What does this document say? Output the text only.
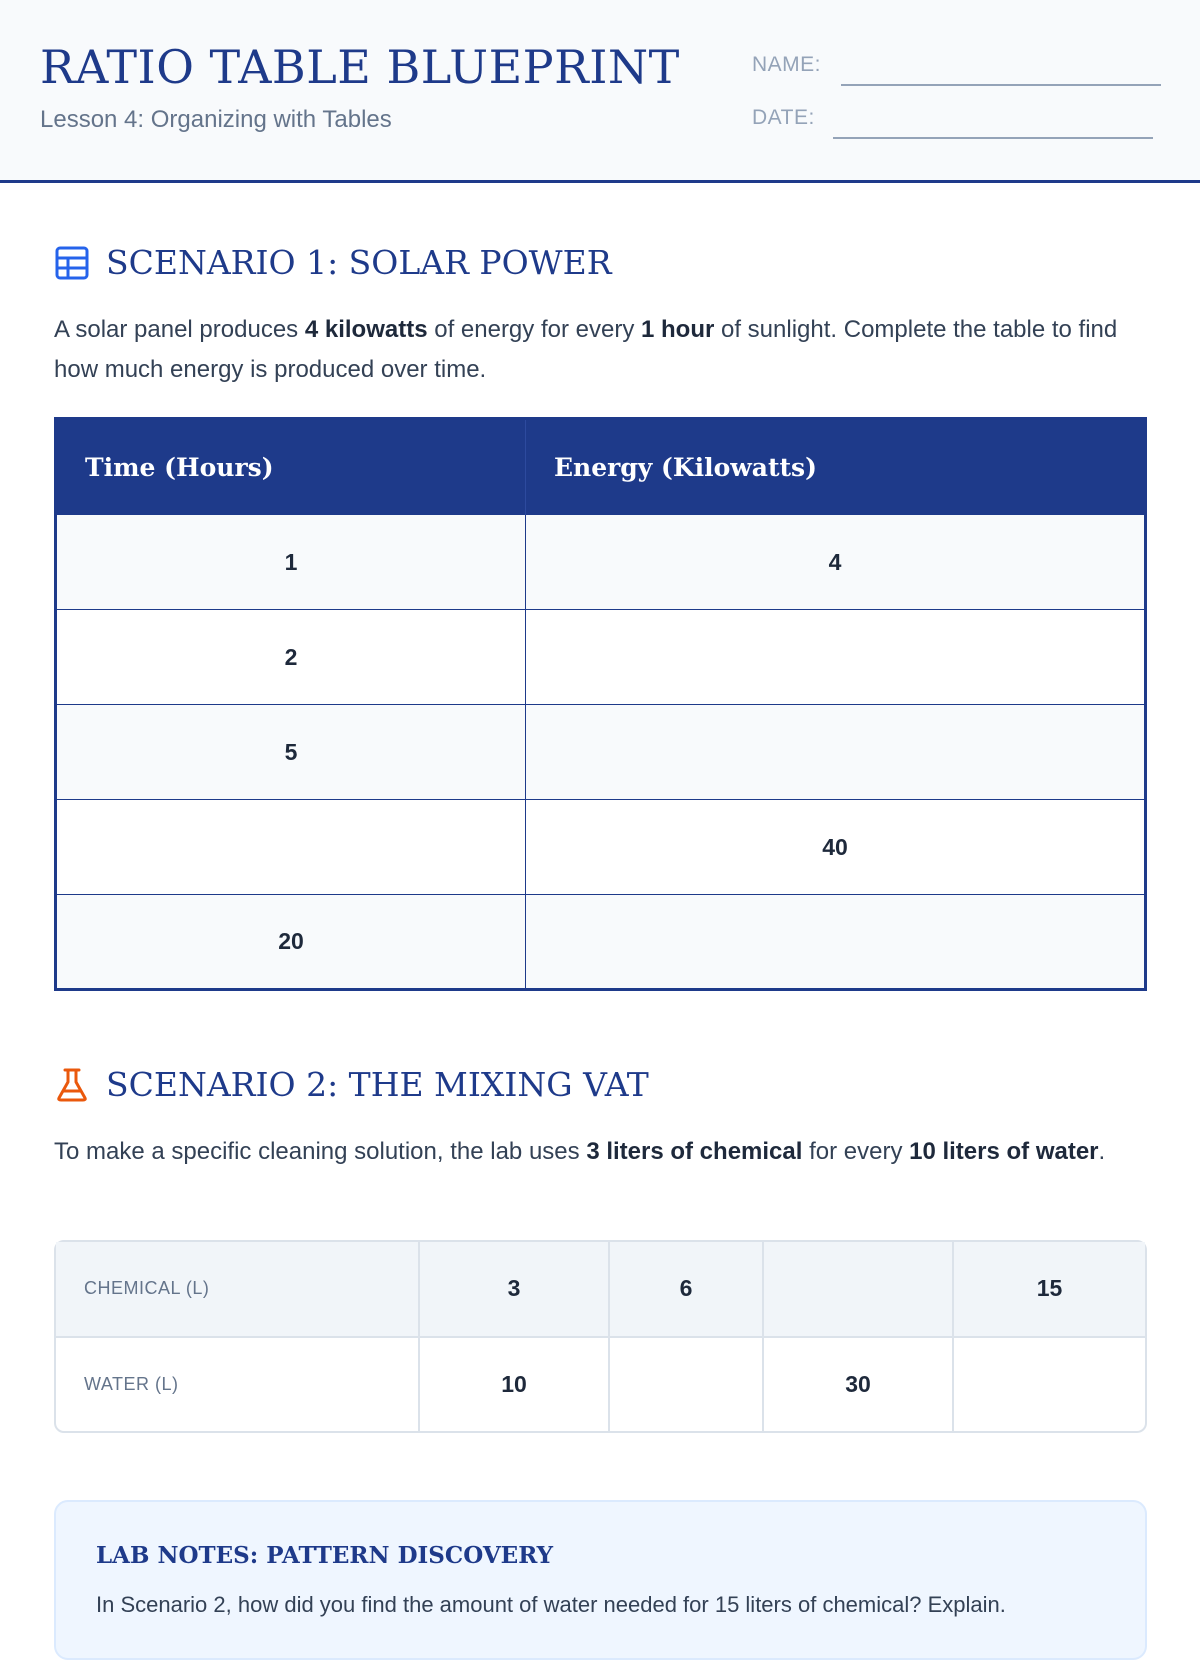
RATIO TABLE BLUEPRINT
Lesson 4: Organizing with Tables
NAME:
DATE:
SCENARIO 1: SOLAR POWER

A solar panel produces 4 kilowatts of energy for every 1 hour of sunlight. Complete the table to find how much energy is produced over time.

Time (Hours)	Energy (Kilowatts)
1	4
2	
5	
	40
20	
SCENARIO 2: THE MIXING VAT

To make a specific cleaning solution, the lab uses 3 liters of chemical for every 10 liters of water.

CHEMICAL (L)	3	6		15
WATER (L)	10		30	
LAB NOTES: PATTERN DISCOVERY
In Scenario 2, how did you find the amount of water needed for 15 liters of chemical? Explain.
